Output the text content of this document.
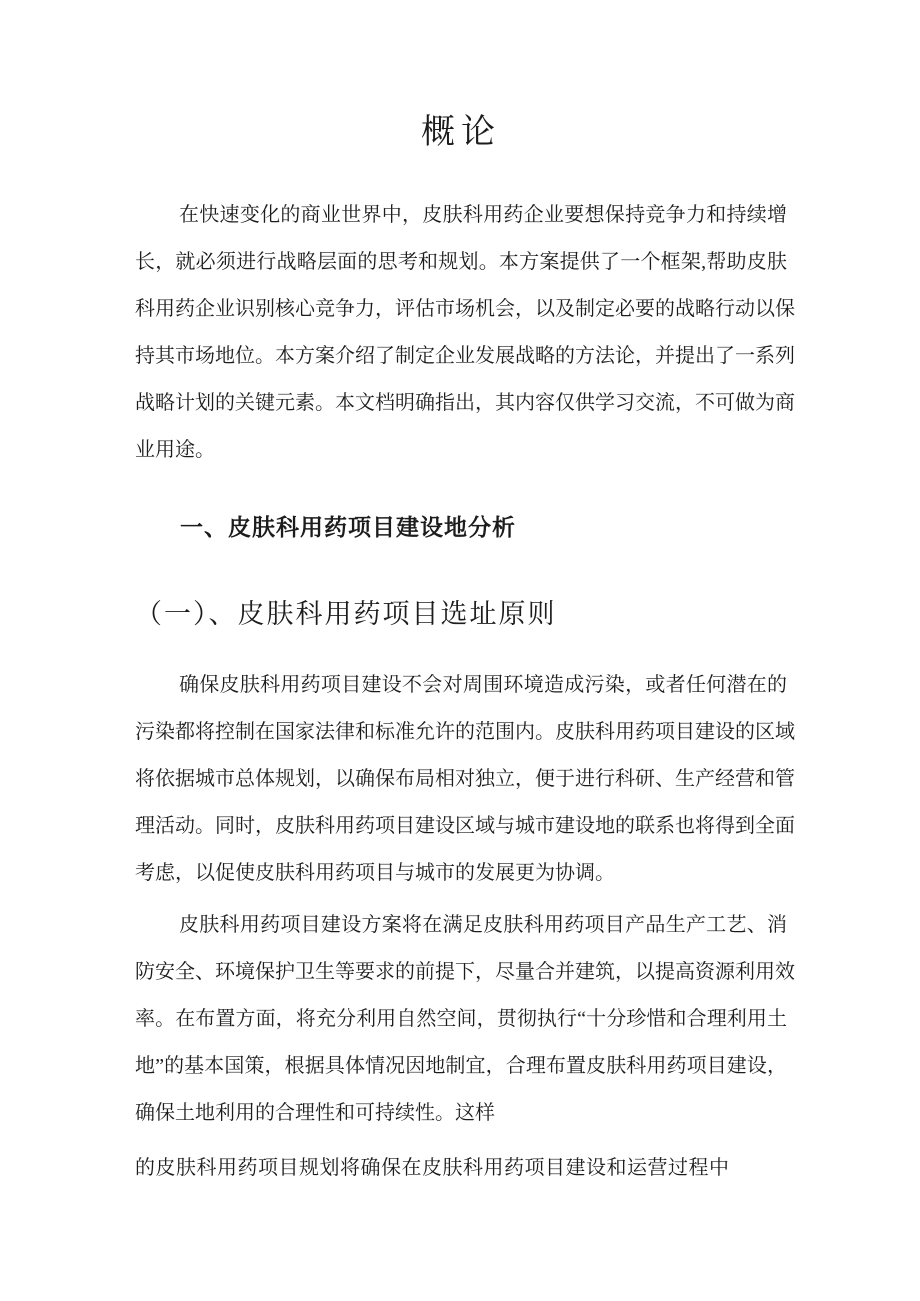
概论
在快速变化的商业世界中，皮肤科用药企业要想保持竞争力和持续增
长，就必须进行战略层面的思考和规划。本方案提供了一个框架,帮助皮肤
科用药企业识别核心竞争力，评估市场机会，以及制定必要的战略行动以保
持其市场地位。本方案介绍了制定企业发展战略的方法论，并提出了一系列
战略计划的关键元素。本文档明确指出，其内容仅供学习交流，不可做为商
业用途。
一、皮肤科用药项目建设地分析
（一）、皮肤科用药项目选址原则
确保皮肤科用药项目建设不会对周围环境造成污染，或者任何潜在的
污染都将控制在国家法律和标准允许的范围内。皮肤科用药项目建设的区域
将依据城市总体规划，以确保布局相对独立，便于进行科研、生产经营和管
理活动。同时，皮肤科用药项目建设区域与城市建设地的联系也将得到全面
考虑，以促使皮肤科用药项目与城市的发展更为协调。
皮肤科用药项目建设方案将在满足皮肤科用药项目产品生产工艺、消
防安全、环境保护卫生等要求的前提下，尽量合并建筑，以提高资源利用效
率。在布置方面，将充分利用自然空间，贯彻执行“十分珍惜和合理利用土
地”的基本国策，根据具体情况因地制宜，合理布置皮肤科用药项目建设，
确保土地利用的合理性和可持续性。这样
的皮肤科用药项目规划将确保在皮肤科用药项目建设和运营过程中
